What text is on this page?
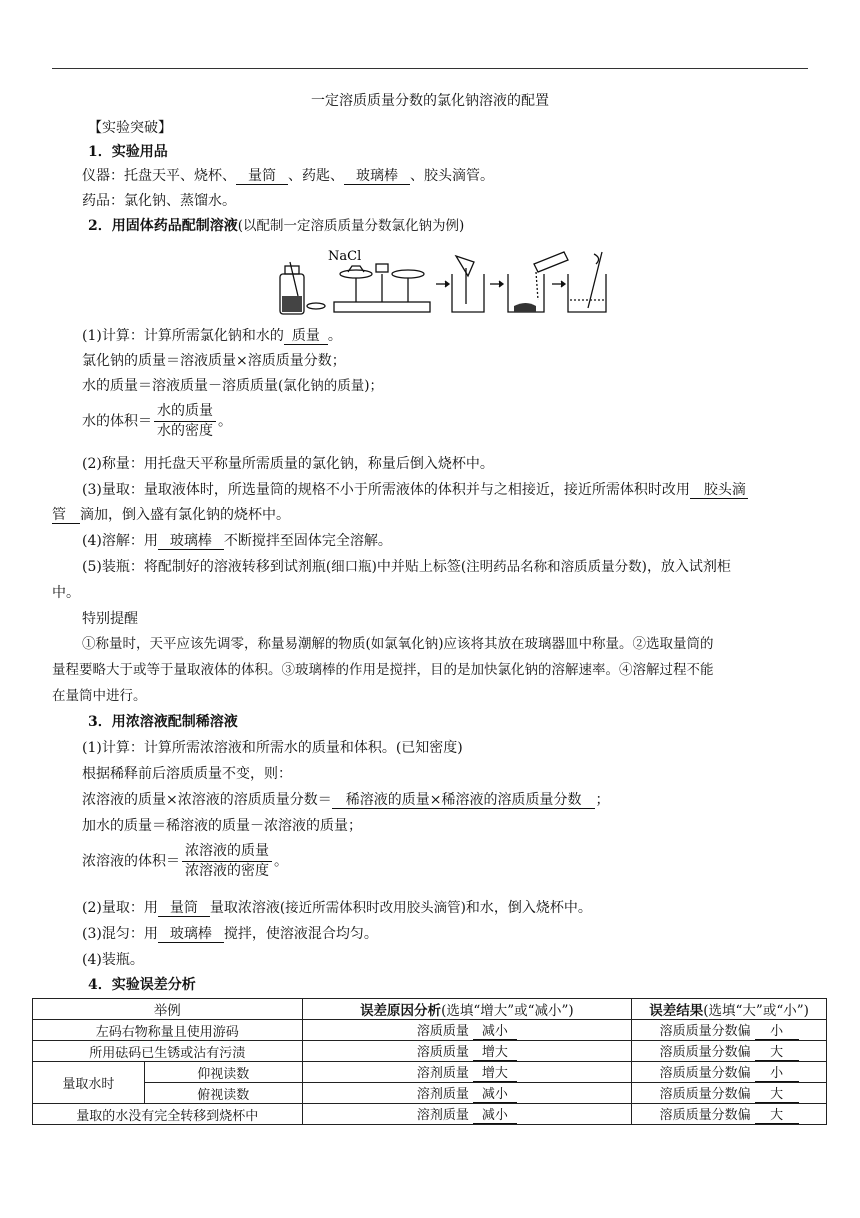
一定溶质质量分数的氯化钠溶液的配置
【实验突破】
1．实验用品
仪器：托盘天平、烧杯、 量筒 、药匙、 玻璃棒 、胶头滴管。
药品：氯化钠、蒸馏水。
2．用固体药品配制溶液(以配制一定溶质质量分数氯化钠为例)
NaCl
(1)计算：计算所需氯化钠和水的 质量 。
氯化钠的质量＝溶液质量×溶质质量分数；
水的质量＝溶液质量－溶质质量(氯化钠的质量)；
水的体积＝ $\frac{\text{水的质量}}{\text{水的密度}}$ 。
(2)称量：用托盘天平称量所需质量的氯化钠，称量后倒入烧杯中。
(3)量取：量取液体时，所选量筒的规格不小于所需液体的体积并与之相接近，接近所需体积时改用 胶头滴
管 滴加，倒入盛有氯化钠的烧杯中。
(4)溶解：用 玻璃棒 不断搅拌至固体完全溶解。
(5)装瓶：将配制好的溶液转移到试剂瓶(细口瓶)中并贴上标签(注明药品名称和溶质质量分数)，放入试剂柜
中。
特别提醒
①称量时，天平应该先调零，称量易潮解的物质(如氯氧化钠)应该将其放在玻璃器皿中称量。②选取量筒的
量程要略大于或等于量取液体的体积。③玻璃棒的作用是搅拌，目的是加快氯化钠的溶解速率。④溶解过程不能
在量筒中进行。
3．用浓溶液配制稀溶液
(1)计算：计算所需浓溶液和所需水的质量和体积。(已知密度)
根据稀释前后溶质质量不变，则：
浓溶液的质量×浓溶液的溶质质量分数＝ 稀溶液的质量×稀溶液的溶质质量分数 ；
加水的质量＝稀溶液的质量－浓溶液的质量；
浓溶液的体积＝ $\frac{\text{浓溶液的质量}}{\text{浓溶液的密度}}$ 。
(2)量取：用 量筒 量取浓溶液(接近所需体积时改用胶头滴管)和水，倒入烧杯中。
(3)混匀：用 玻璃棒 搅拌，使溶液混合均匀。
(4)装瓶。
4．实验误差分析
举例		误差原因分析(选填“增大”或“减小”)	误差结果(选填“大”或“小”)
左码右物称量且使用游码		溶质质量 减小	溶质质量分数偏 小
所用砝码已生锈或沾有污渍		溶质质量 增大	溶质质量分数偏 大
量取水时	仰视读数	溶剂质量 增大	溶质质量分数偏 小
	俯视读数	溶剂质量 减小	溶质质量分数偏 大
量取的水没有完全转移到烧杯中		溶剂质量 减小	溶质质量分数偏 大
